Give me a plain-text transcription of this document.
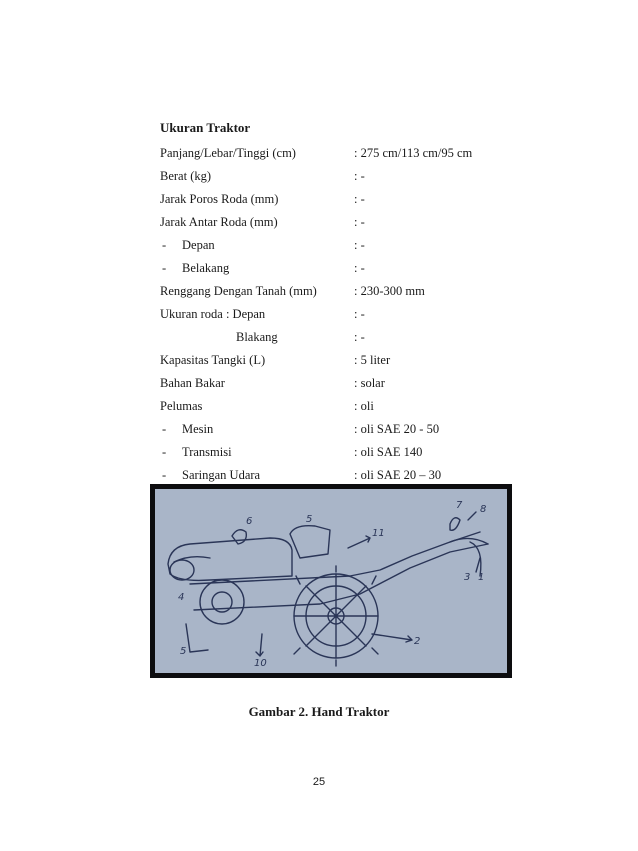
Ukuran Traktor
Panjang/Lebar/Tinggi (cm)	: 275 cm/113 cm/95 cm
Berat (kg)	: -
Jarak Poros Roda (mm)	: -
Jarak Antar Roda (mm)	: -
- Depan	: -
- Belakang	: -
Renggang Dengan Tanah (mm)	: 230-300 mm
Ukuran roda : Depan	: -
Blakang	: -
Kapasitas Tangki (L)	: 5 liter
Bahan Bakar	: solar
Pelumas	: oli
- Mesin	: oli SAE 20 - 50
- Transmisi	: oli SAE 140
- Saringan Udara	: oli SAE 20 – 30
6	5
7 8
11
4
3 1
2
5
10
Gambar 2. Hand Traktor
25
